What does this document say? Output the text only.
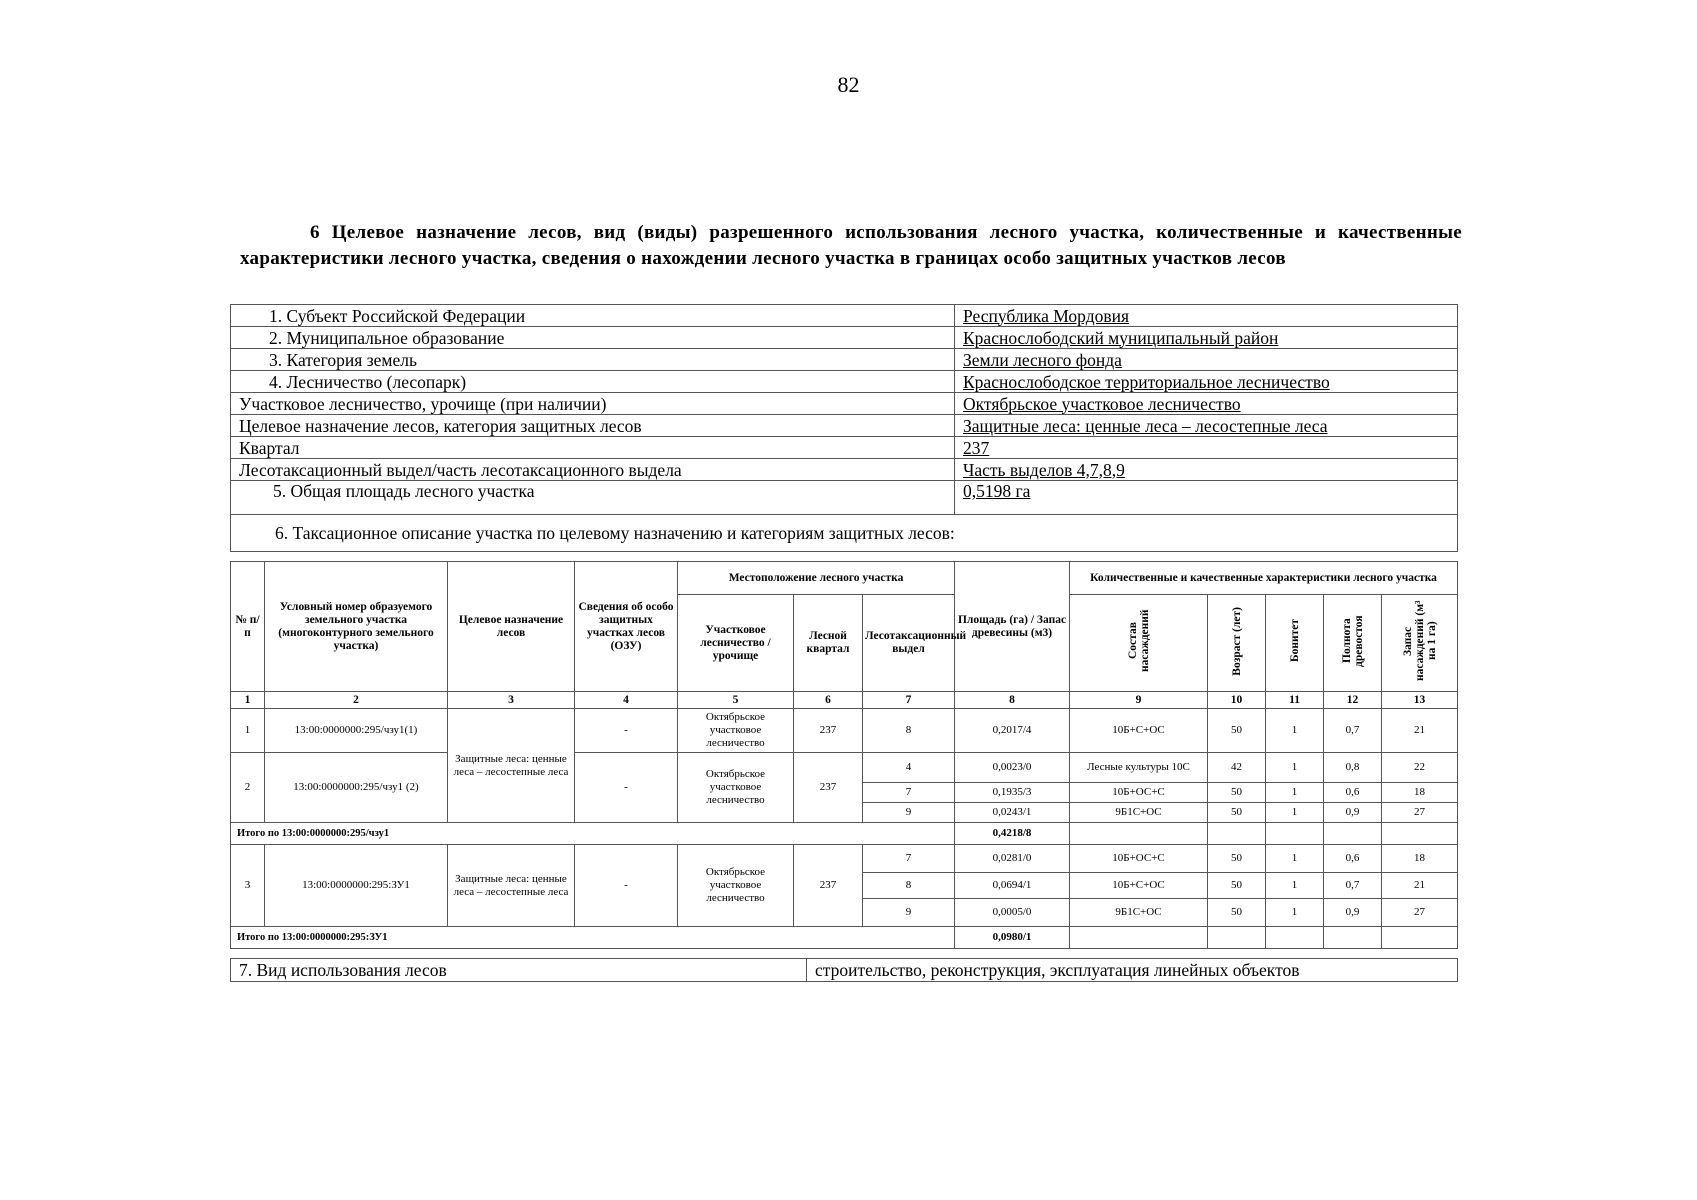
82
6 Целевое назначение лесов, вид (виды) разрешенного использования лесного участка, количественные и качественные характеристики лесного участка, сведения о нахождении лесного участка в границах особо защитных участков лесов
1. Субъект Российской Федерации	Республика Мордовия
2. Муниципальное образование	Краснослободский муниципальный район
3. Категория земель	Земли лесного фонда
4. Лесничество (лесопарк)	Краснослободское территориальное лесничество
Участковое лесничество, урочище (при наличии)	Октябрьское участковое лесничество
Целевое назначение лесов, категория защитных лесов	Защитные леса: ценные леса – лесостепные леса
Квартал	237
Лесотаксационный выдел/часть лесотаксационного выдела	Часть выделов 4,7,8,9
5. Общая площадь лесного участка	0,5198 га
6. Таксационное описание участка по целевому назначению и категориям защитных лесов:	
№ п/п	Условный номер образуемого земельного участка (многоконтурного земельного участка)	Целевое назначение лесов	Сведения об особо защитных участках лесов (ОЗУ)	Местоположение лесного участка			Площадь (га) / Запас древесины (м3)	Количественные и качественные характеристики лесного участка				
				Участковое лесничество / урочище	Лесной квартал	Лесотаксационный выдел		Состав насаждений	Возраст (лет)	Бонитет	Полнота древостоя	Запас насаждений (м³ на 1 га)
1	2	3	4	5	6	7	8	9	10	11	12	13
1	13:00:0000000:295/чзу1(1)	Защитные леса: ценные леса – лесостепные леса	-	Октябрьское участковое лесничество	237	8	0,2017/4	10Б+С+ОС	50	1	0,7	21
2	13:00:0000000:295/чзу1 (2)		-	Октябрьское участковое лесничество	237	4	0,0023/0	Лесные культуры 10С	42	1	0,8	22
						7	0,1935/3	10Б+ОС+С	50	1	0,6	18
						9	0,0243/1	9Б1С+ОС	50	1	0,9	27
Итого по 13:00:0000000:295/чзу1							0,4218/8					
3	13:00:0000000:295:ЗУ1	Защитные леса: ценные леса – лесостепные леса	-	Октябрьское участковое лесничество	237	7	0,0281/0	10Б+ОС+С	50	1	0,6	18
						8	0,0694/1	10Б+С+ОС	50	1	0,7	21
						9	0,0005/0	9Б1С+ОС	50	1	0,9	27
Итого по 13:00:0000000:295:ЗУ1							0,0980/1					
7. Вид использования лесов	строительство, реконструкция, эксплуатация линейных объектов
